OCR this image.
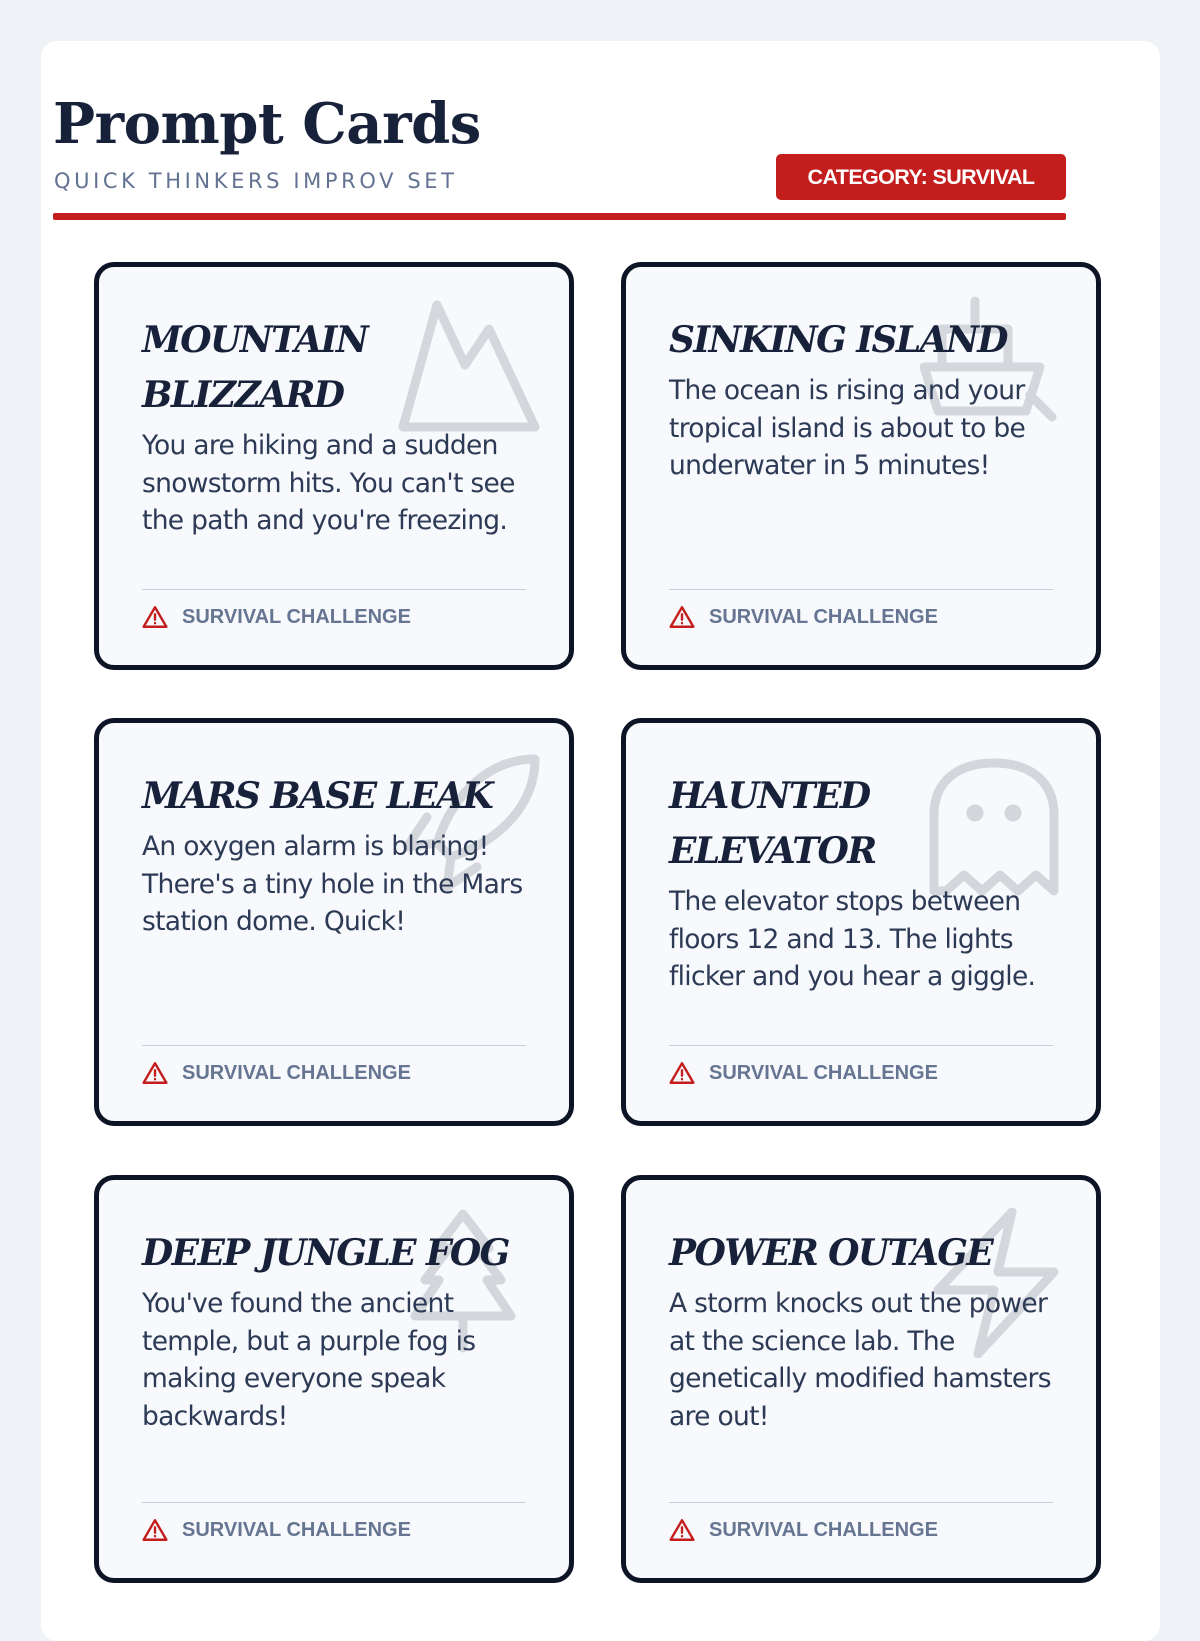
Prompt Cards
QUICK THINKERS IMPROV SET	CATEGORY: SURVIVAL
MOUNTAIN BLIZZARD
You are hiking and a sudden snowstorm hits. You can't see the path and you're freezing.
SURVIVAL CHALLENGE
SINKING ISLAND
The ocean is rising and your tropical island is about to be underwater in 5 minutes!
SURVIVAL CHALLENGE
MARS BASE LEAK
An oxygen alarm is blaring! There's a tiny hole in the Mars station dome. Quick!
SURVIVAL CHALLENGE
HAUNTED ELEVATOR
The elevator stops between floors 12 and 13. The lights flicker and you hear a giggle.
SURVIVAL CHALLENGE
DEEP JUNGLE FOG
You've found the ancient temple, but a purple fog is making everyone speak backwards!
SURVIVAL CHALLENGE
POWER OUTAGE
A storm knocks out the power at the science lab. The genetically modified hamsters are out!
SURVIVAL CHALLENGE
